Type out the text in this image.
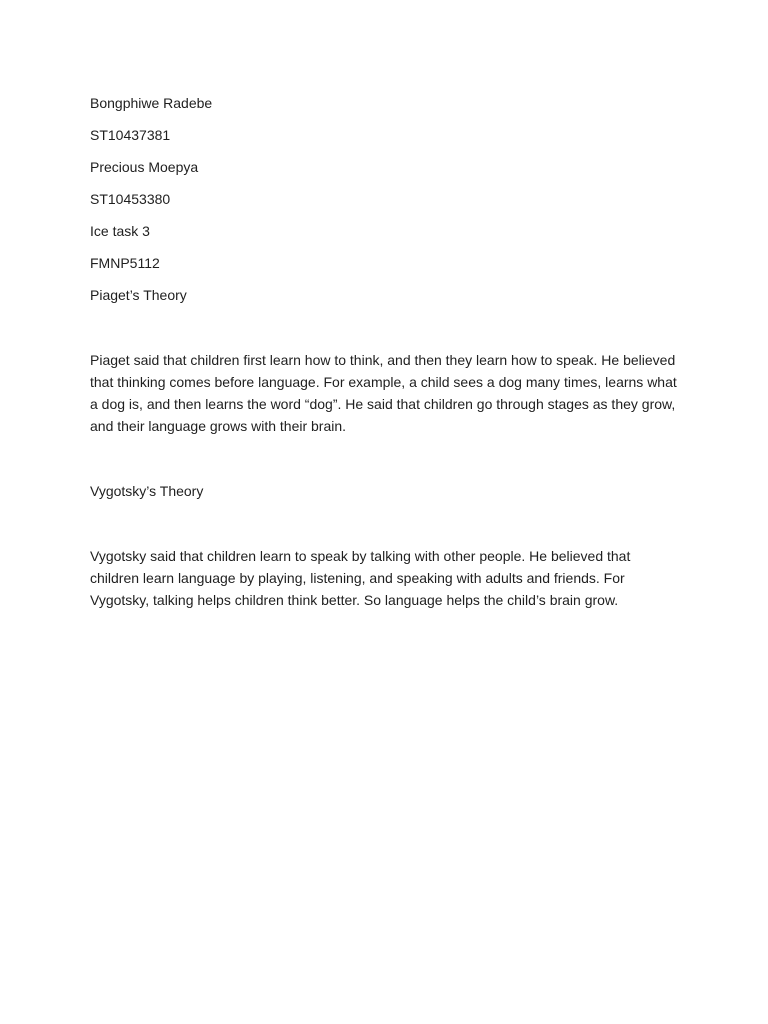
Bongphiwe Radebe

ST10437381

Precious Moepya

ST10453380

Ice task 3

FMNP5112

Piaget’s Theory

Piaget said that children first learn how to think, and then they learn how to speak. He believed that thinking comes before language. For example, a child sees a dog many times, learns what a dog is, and then learns the word “dog”. He said that children go through stages as they grow, and their language grows with their brain.

Vygotsky’s Theory

Vygotsky said that children learn to speak by talking with other people. He believed that children learn language by playing, listening, and speaking with adults and friends. For Vygotsky, talking helps children think better. So language helps the child’s brain grow.
